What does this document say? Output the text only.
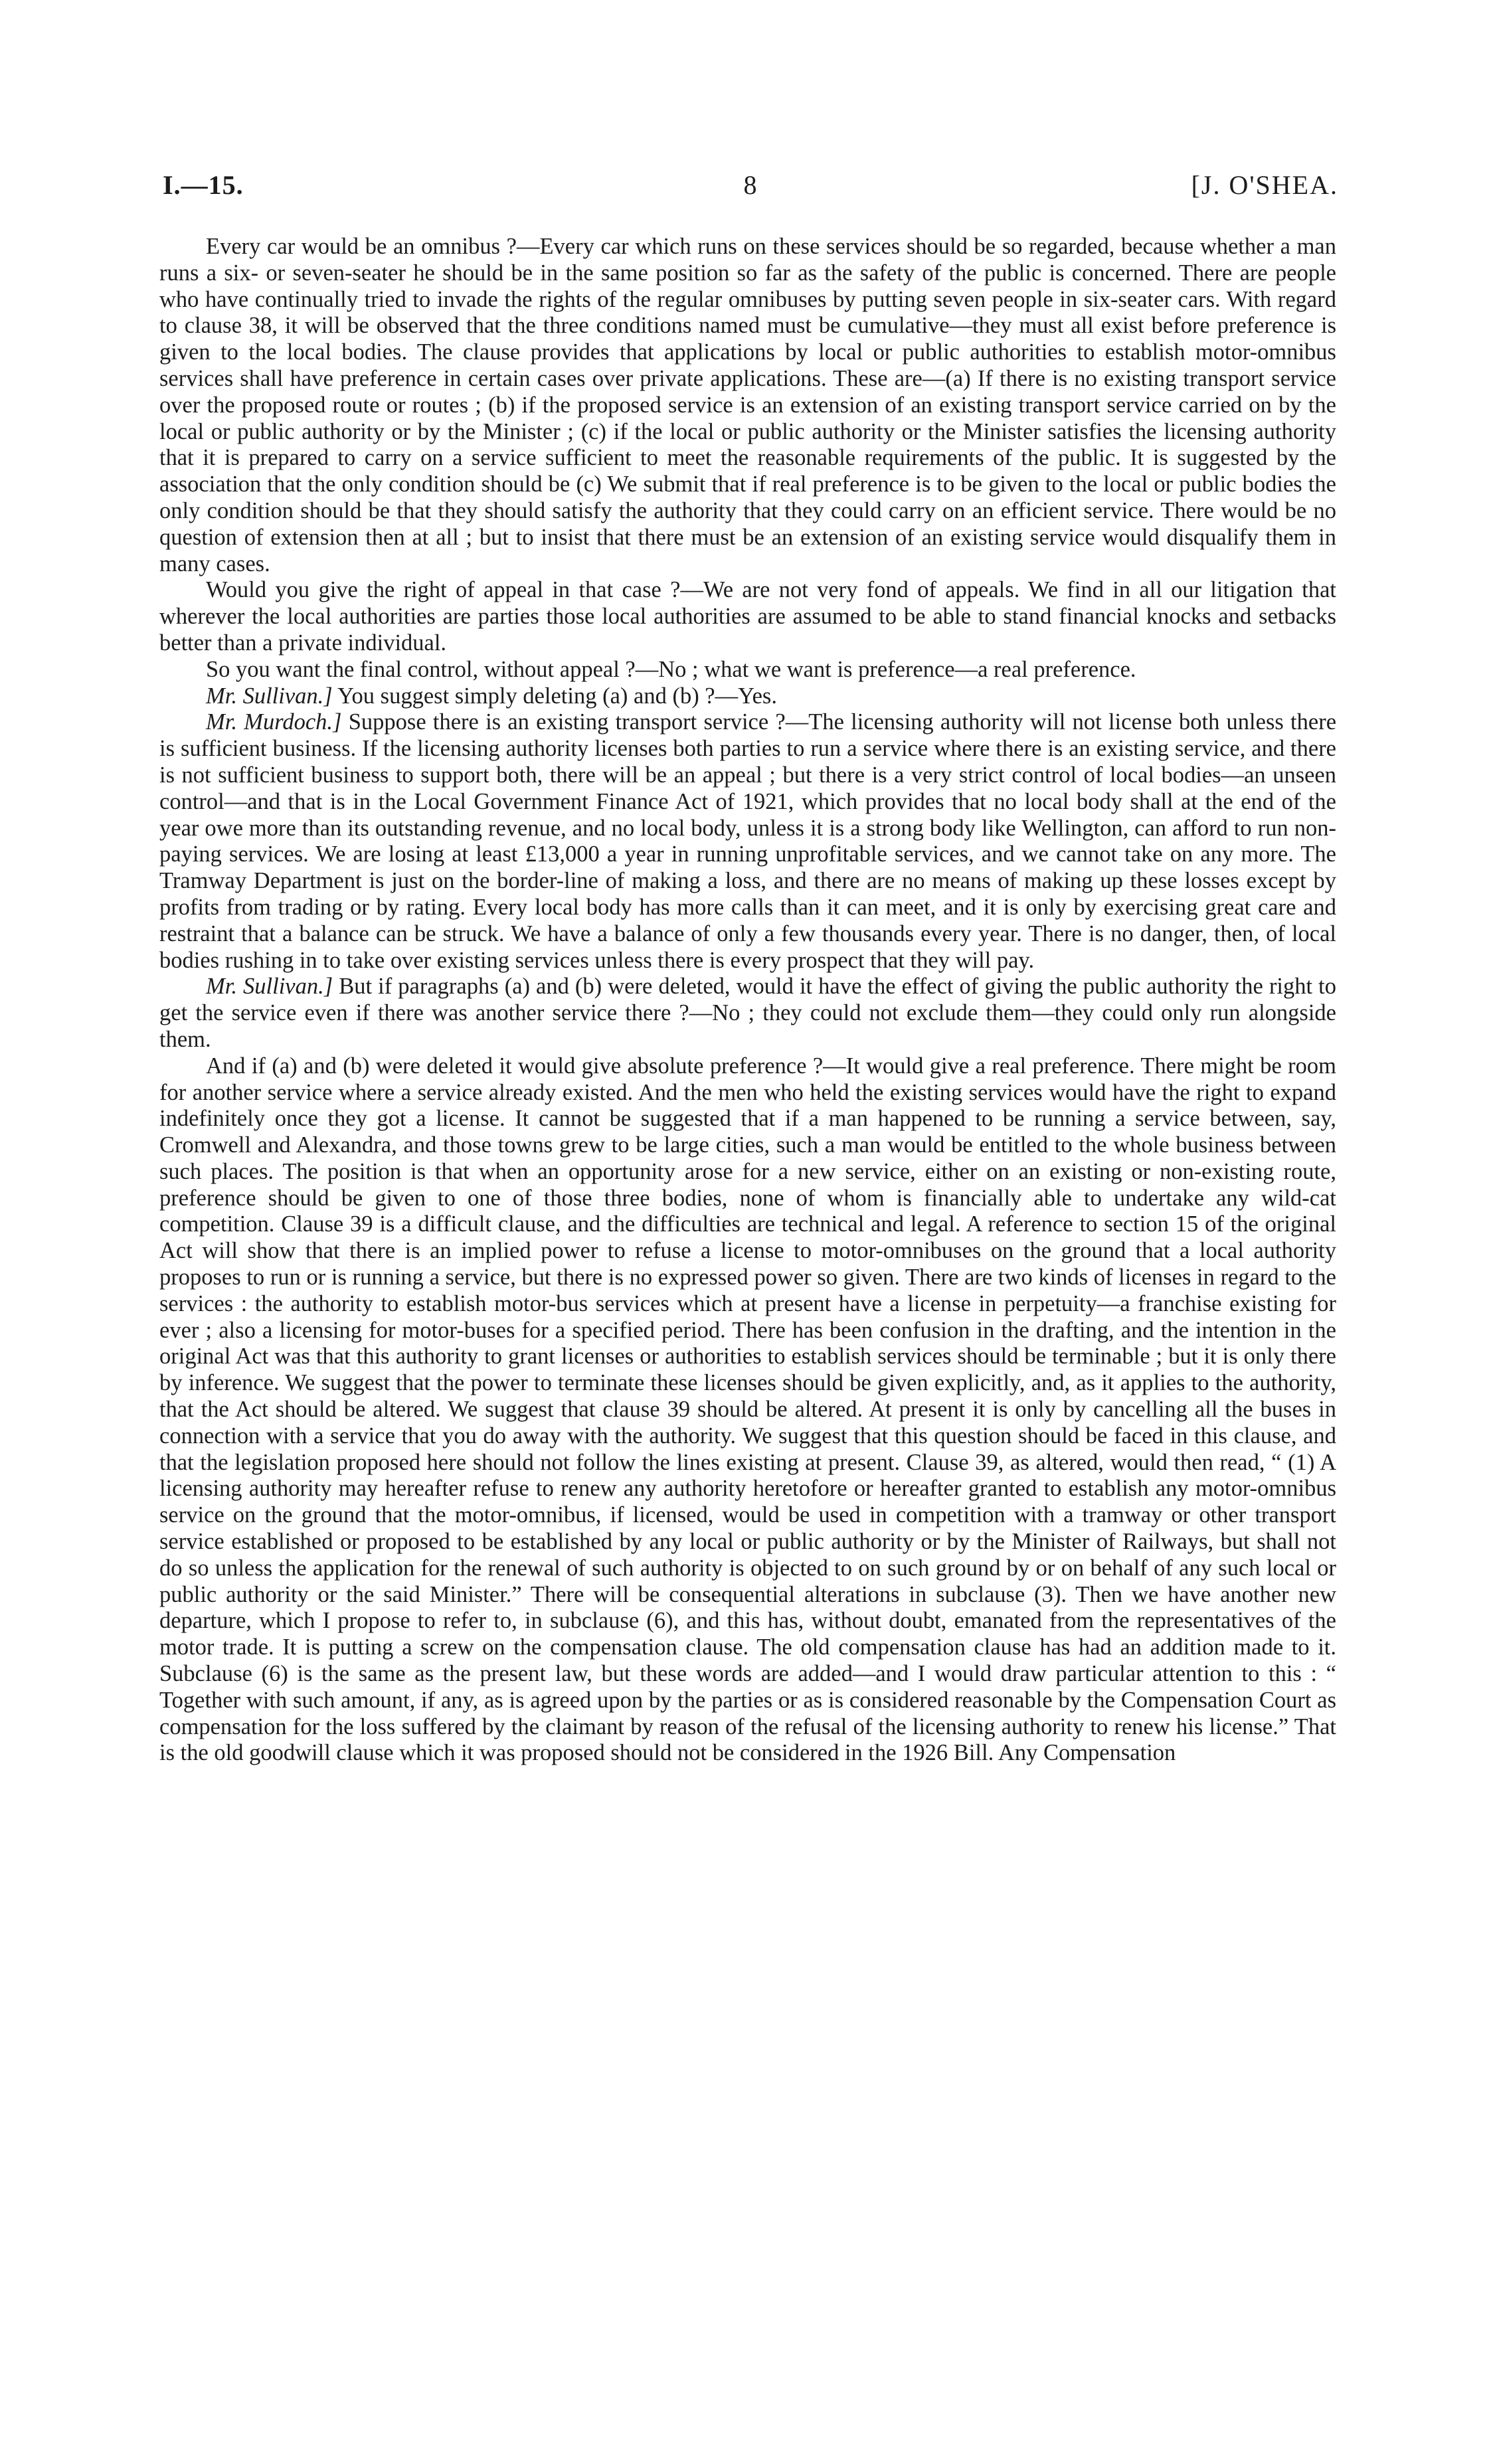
I.—15.	8	[J. O'SHEA.

Every car would be an omnibus ?—Every car which runs on these services should be so regarded, because whether a man runs a six- or seven-seater he should be in the same position so far as the safety of the public is concerned. There are people who have continually tried to invade the rights of the regular omnibuses by putting seven people in six-seater cars. With regard to clause 38, it will be observed that the three conditions named must be cumulative—they must all exist before preference is given to the local bodies. The clause provides that applications by local or public authorities to establish motor-omnibus services shall have preference in certain cases over private applications. These are—(a) If there is no existing transport service over the proposed route or routes ; (b) if the proposed service is an extension of an existing transport service carried on by the local or public authority or by the Minister ; (c) if the local or public authority or the Minister satisfies the licensing authority that it is prepared to carry on a service sufficient to meet the reasonable requirements of the public. It is suggested by the association that the only condition should be (c) We submit that if real preference is to be given to the local or public bodies the only condition should be that they should satisfy the authority that they could carry on an efficient service. There would be no question of extension then at all ; but to insist that there must be an extension of an existing service would disqualify them in many cases.

Would you give the right of appeal in that case ?—We are not very fond of appeals. We find in all our litigation that wherever the local authorities are parties those local authorities are assumed to be able to stand financial knocks and setbacks better than a private individual.

So you want the final control, without appeal ?—No ; what we want is preference—a real preference.

Mr. Sullivan.] You suggest simply deleting (a) and (b) ?—Yes.

Mr. Murdoch.] Suppose there is an existing transport service ?—The licensing authority will not license both unless there is sufficient business. If the licensing authority licenses both parties to run a service where there is an existing service, and there is not sufficient business to support both, there will be an appeal ; but there is a very strict control of local bodies—an unseen control—and that is in the Local Government Finance Act of 1921, which provides that no local body shall at the end of the year owe more than its outstanding revenue, and no local body, unless it is a strong body like Wellington, can afford to run non-paying services. We are losing at least £13,000 a year in running unprofitable services, and we cannot take on any more. The Tramway Department is just on the border-line of making a loss, and there are no means of making up these losses except by profits from trading or by rating. Every local body has more calls than it can meet, and it is only by exercising great care and restraint that a balance can be struck. We have a balance of only a few thousands every year. There is no danger, then, of local bodies rushing in to take over existing services unless there is every prospect that they will pay.

Mr. Sullivan.] But if paragraphs (a) and (b) were deleted, would it have the effect of giving the public authority the right to get the service even if there was another service there ?—No ; they could not exclude them—they could only run alongside them.

And if (a) and (b) were deleted it would give absolute preference ?—It would give a real preference. There might be room for another service where a service already existed. And the men who held the existing services would have the right to expand indefinitely once they got a license. It cannot be suggested that if a man happened to be running a service between, say, Cromwell and Alexandra, and those towns grew to be large cities, such a man would be entitled to the whole business between such places. The position is that when an opportunity arose for a new service, either on an existing or non-existing route, preference should be given to one of those three bodies, none of whom is financially able to undertake any wild-cat competition. Clause 39 is a difficult clause, and the difficulties are technical and legal. A reference to section 15 of the original Act will show that there is an implied power to refuse a license to motor-omnibuses on the ground that a local authority proposes to run or is running a service, but there is no expressed power so given. There are two kinds of licenses in regard to the services : the authority to establish motor-bus services which at present have a license in perpetuity—a franchise existing for ever ; also a licensing for motor-buses for a specified period. There has been confusion in the drafting, and the intention in the original Act was that this authority to grant licenses or authorities to establish services should be terminable ; but it is only there by inference. We suggest that the power to terminate these licenses should be given explicitly, and, as it applies to the authority, that the Act should be altered. We suggest that clause 39 should be altered. At present it is only by cancelling all the buses in connection with a service that you do away with the authority. We suggest that this question should be faced in this clause, and that the legislation proposed here should not follow the lines existing at present. Clause 39, as altered, would then read, “ (1) A licensing authority may hereafter refuse to renew any authority heretofore or hereafter granted to establish any motor-omnibus service on the ground that the motor-omnibus, if licensed, would be used in competition with a tramway or other transport service established or proposed to be established by any local or public authority or by the Minister of Railways, but shall not do so unless the application for the renewal of such authority is objected to on such ground by or on behalf of any such local or public authority or the said Minister.” There will be consequential alterations in subclause (3). Then we have another new departure, which I propose to refer to, in subclause (6), and this has, without doubt, emanated from the representatives of the motor trade. It is putting a screw on the compensation clause. The old compensation clause has had an addition made to it. Subclause (6) is the same as the present law, but these words are added—and I would draw particular attention to this : “ Together with such amount, if any, as is agreed upon by the parties or as is considered reasonable by the Compensation Court as compensation for the loss suffered by the claimant by reason of the refusal of the licensing authority to renew his license.” That is the old goodwill clause which it was proposed should not be considered in the 1926 Bill. Any Compensation
